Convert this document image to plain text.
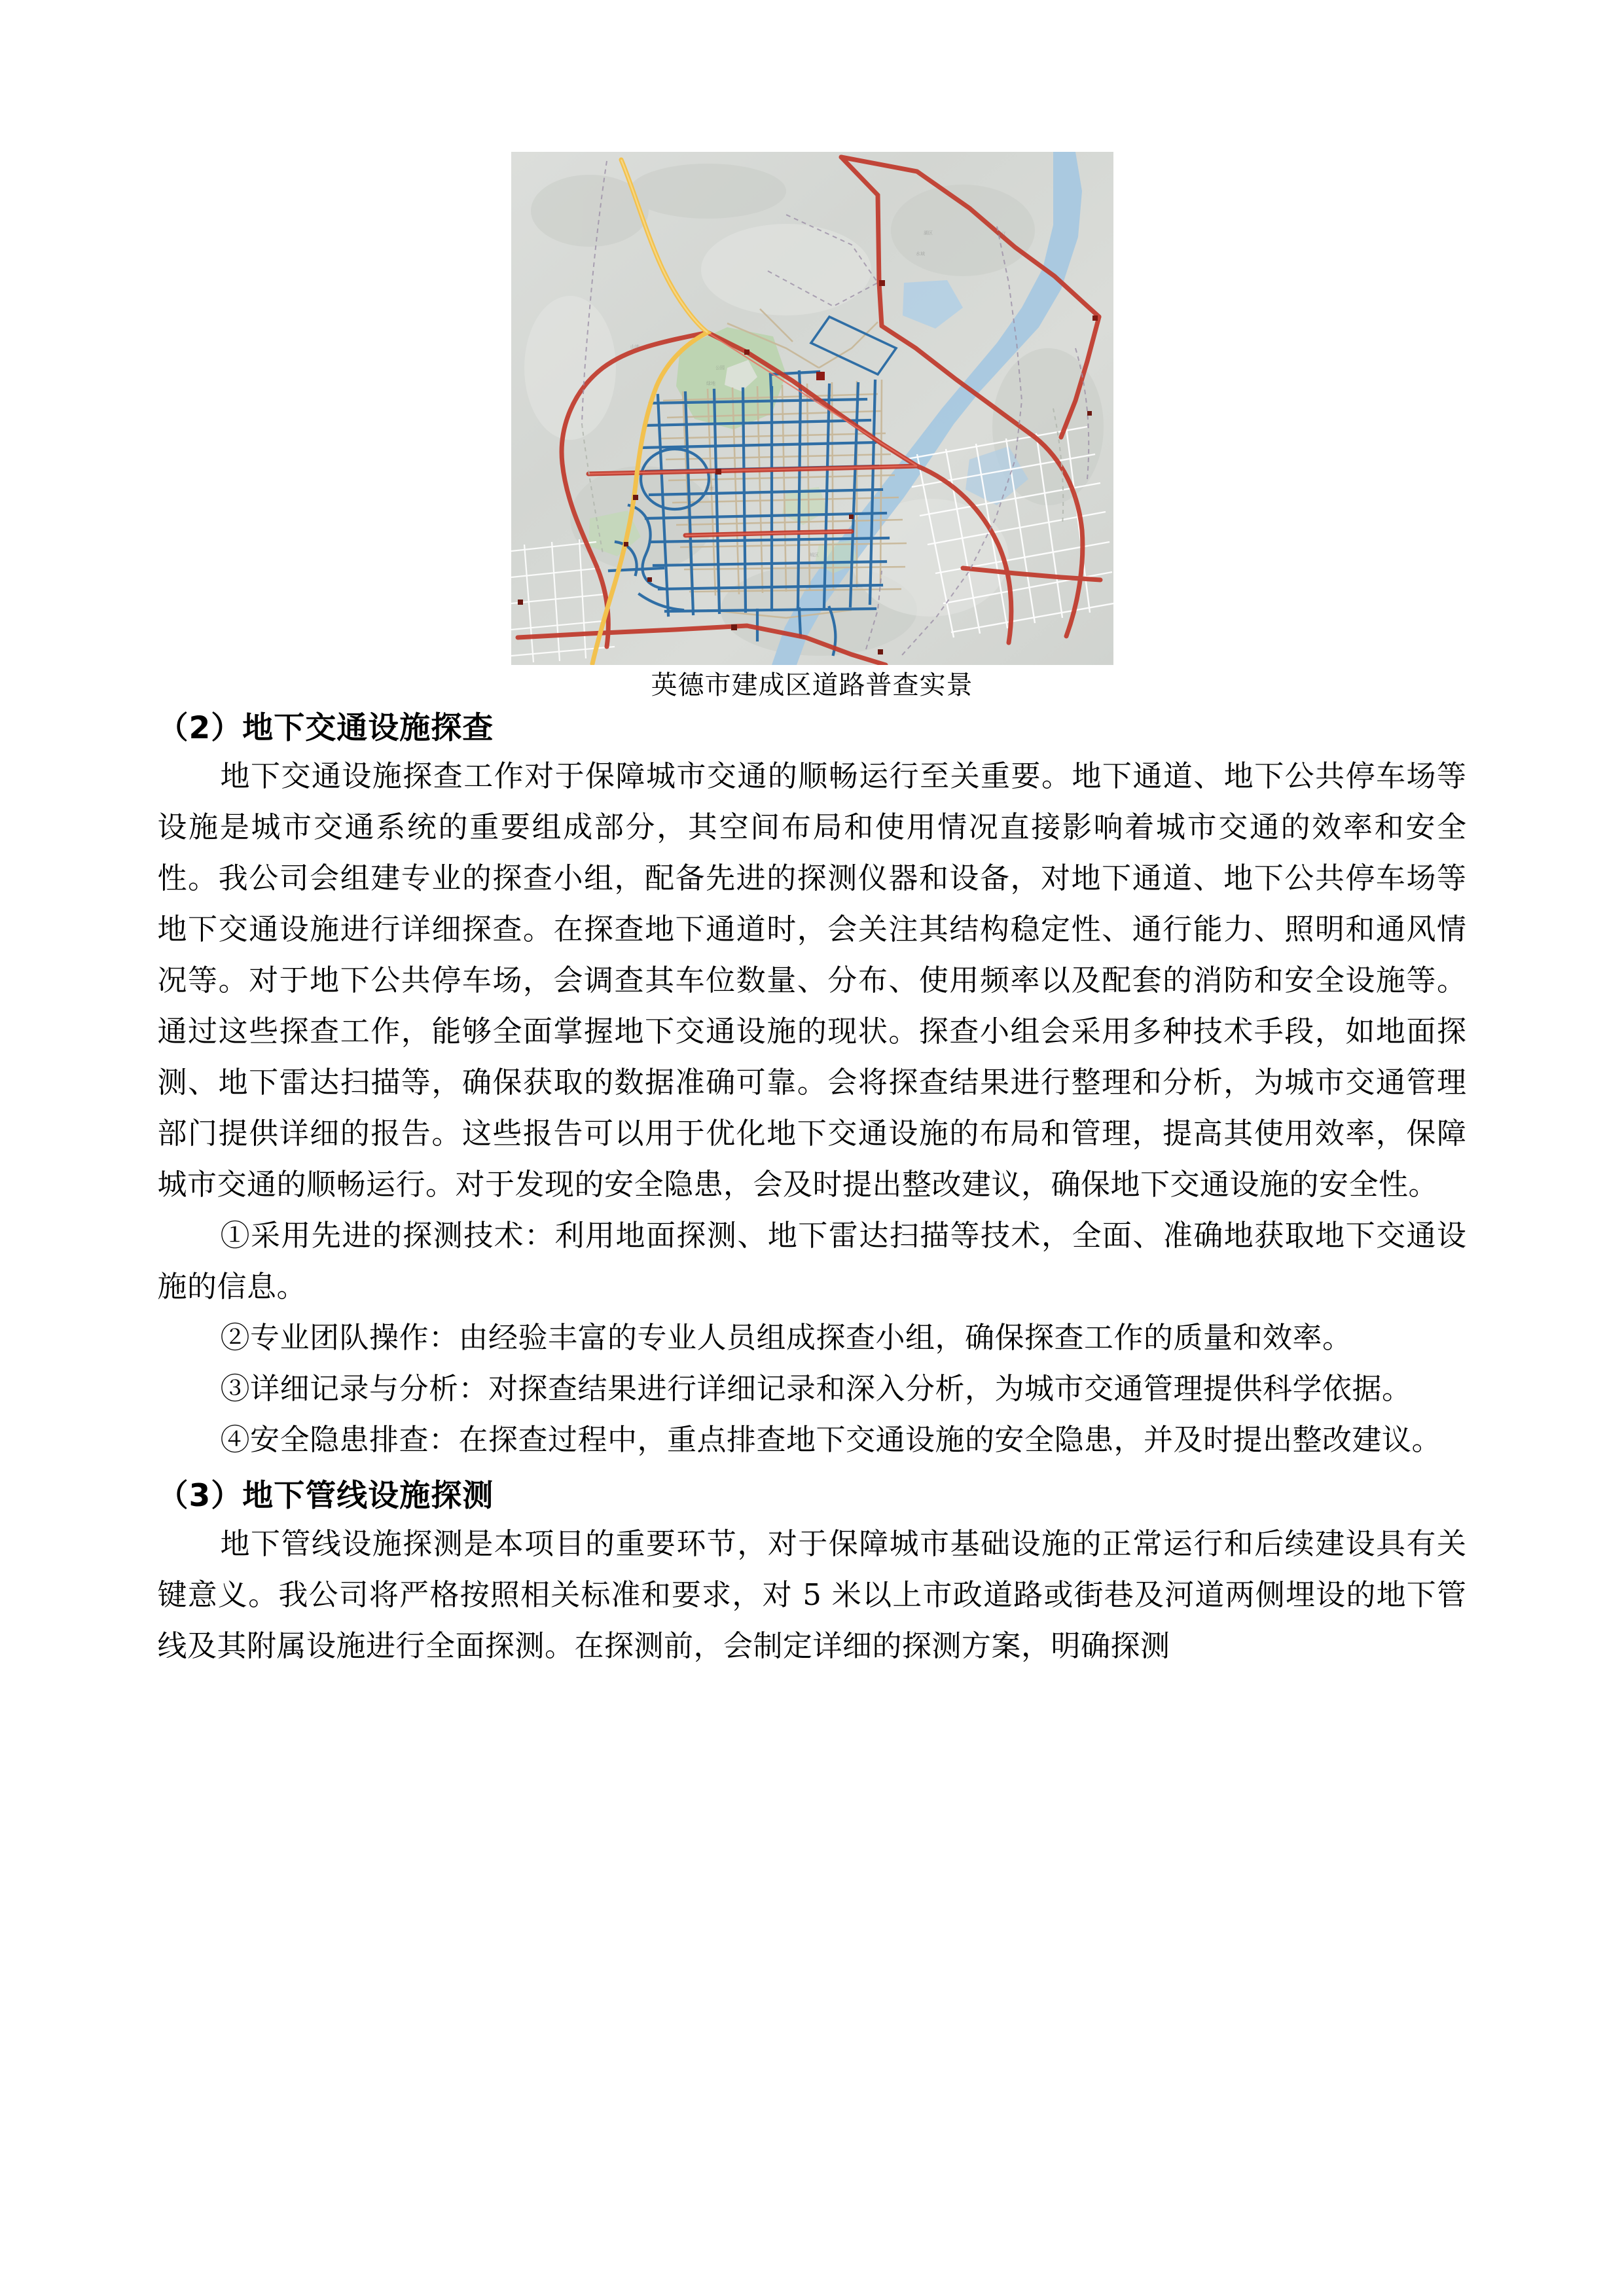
湖区
水域
公园
绿地
湖面
城区
北江
山地
英德市建成区道路普查实景
（2）地下交通设施探查

地下交通设施探查工作对于保障城市交通的顺畅运行至关重要。地下通道、地下公共停车场等设施是城市交通系统的重要组成部分，其空间布局和使用情况直接影响着城市交通的效率和安全性。我公司会组建专业的探查小组，配备先进的探测仪器和设备，对地下通道、地下公共停车场等地下交通设施进行详细探查。在探查地下通道时，会关注其结构稳定性、通行能力、照明和通风情况等。对于地下公共停车场，会调查其车位数量、分布、使用频率以及配套的消防和安全设施等。通过这些探查工作，能够全面掌握地下交通设施的现状。探查小组会采用多种技术手段，如地面探测、地下雷达扫描等，确保获取的数据准确可靠。会将探查结果进行整理和分析，为城市交通管理部门提供详细的报告。这些报告可以用于优化地下交通设施的布局和管理，提高其使用效率，保障城市交通的顺畅运行。对于发现的安全隐患，会及时提出整改建议，确保地下交通设施的安全性。

①采用先进的探测技术：利用地面探测、地下雷达扫描等技术，全面、准确地获取地下交通设施的信息。

②专业团队操作：由经验丰富的专业人员组成探查小组，确保探查工作的质量和效率。

③详细记录与分析：对探查结果进行详细记录和深入分析，为城市交通管理提供科学依据。

④安全隐患排查：在探查过程中，重点排查地下交通设施的安全隐患，并及时提出整改建议。

（3）地下管线设施探测

地下管线设施探测是本项目的重要环节，对于保障城市基础设施的正常运行和后续建设具有关键意义。我公司将严格按照相关标准和要求，对 5 米以上市政道路或街巷及河道两侧埋设的地下管线及其附属设施进行全面探测。在探测前，会制定详细的探测方案，明确探测
